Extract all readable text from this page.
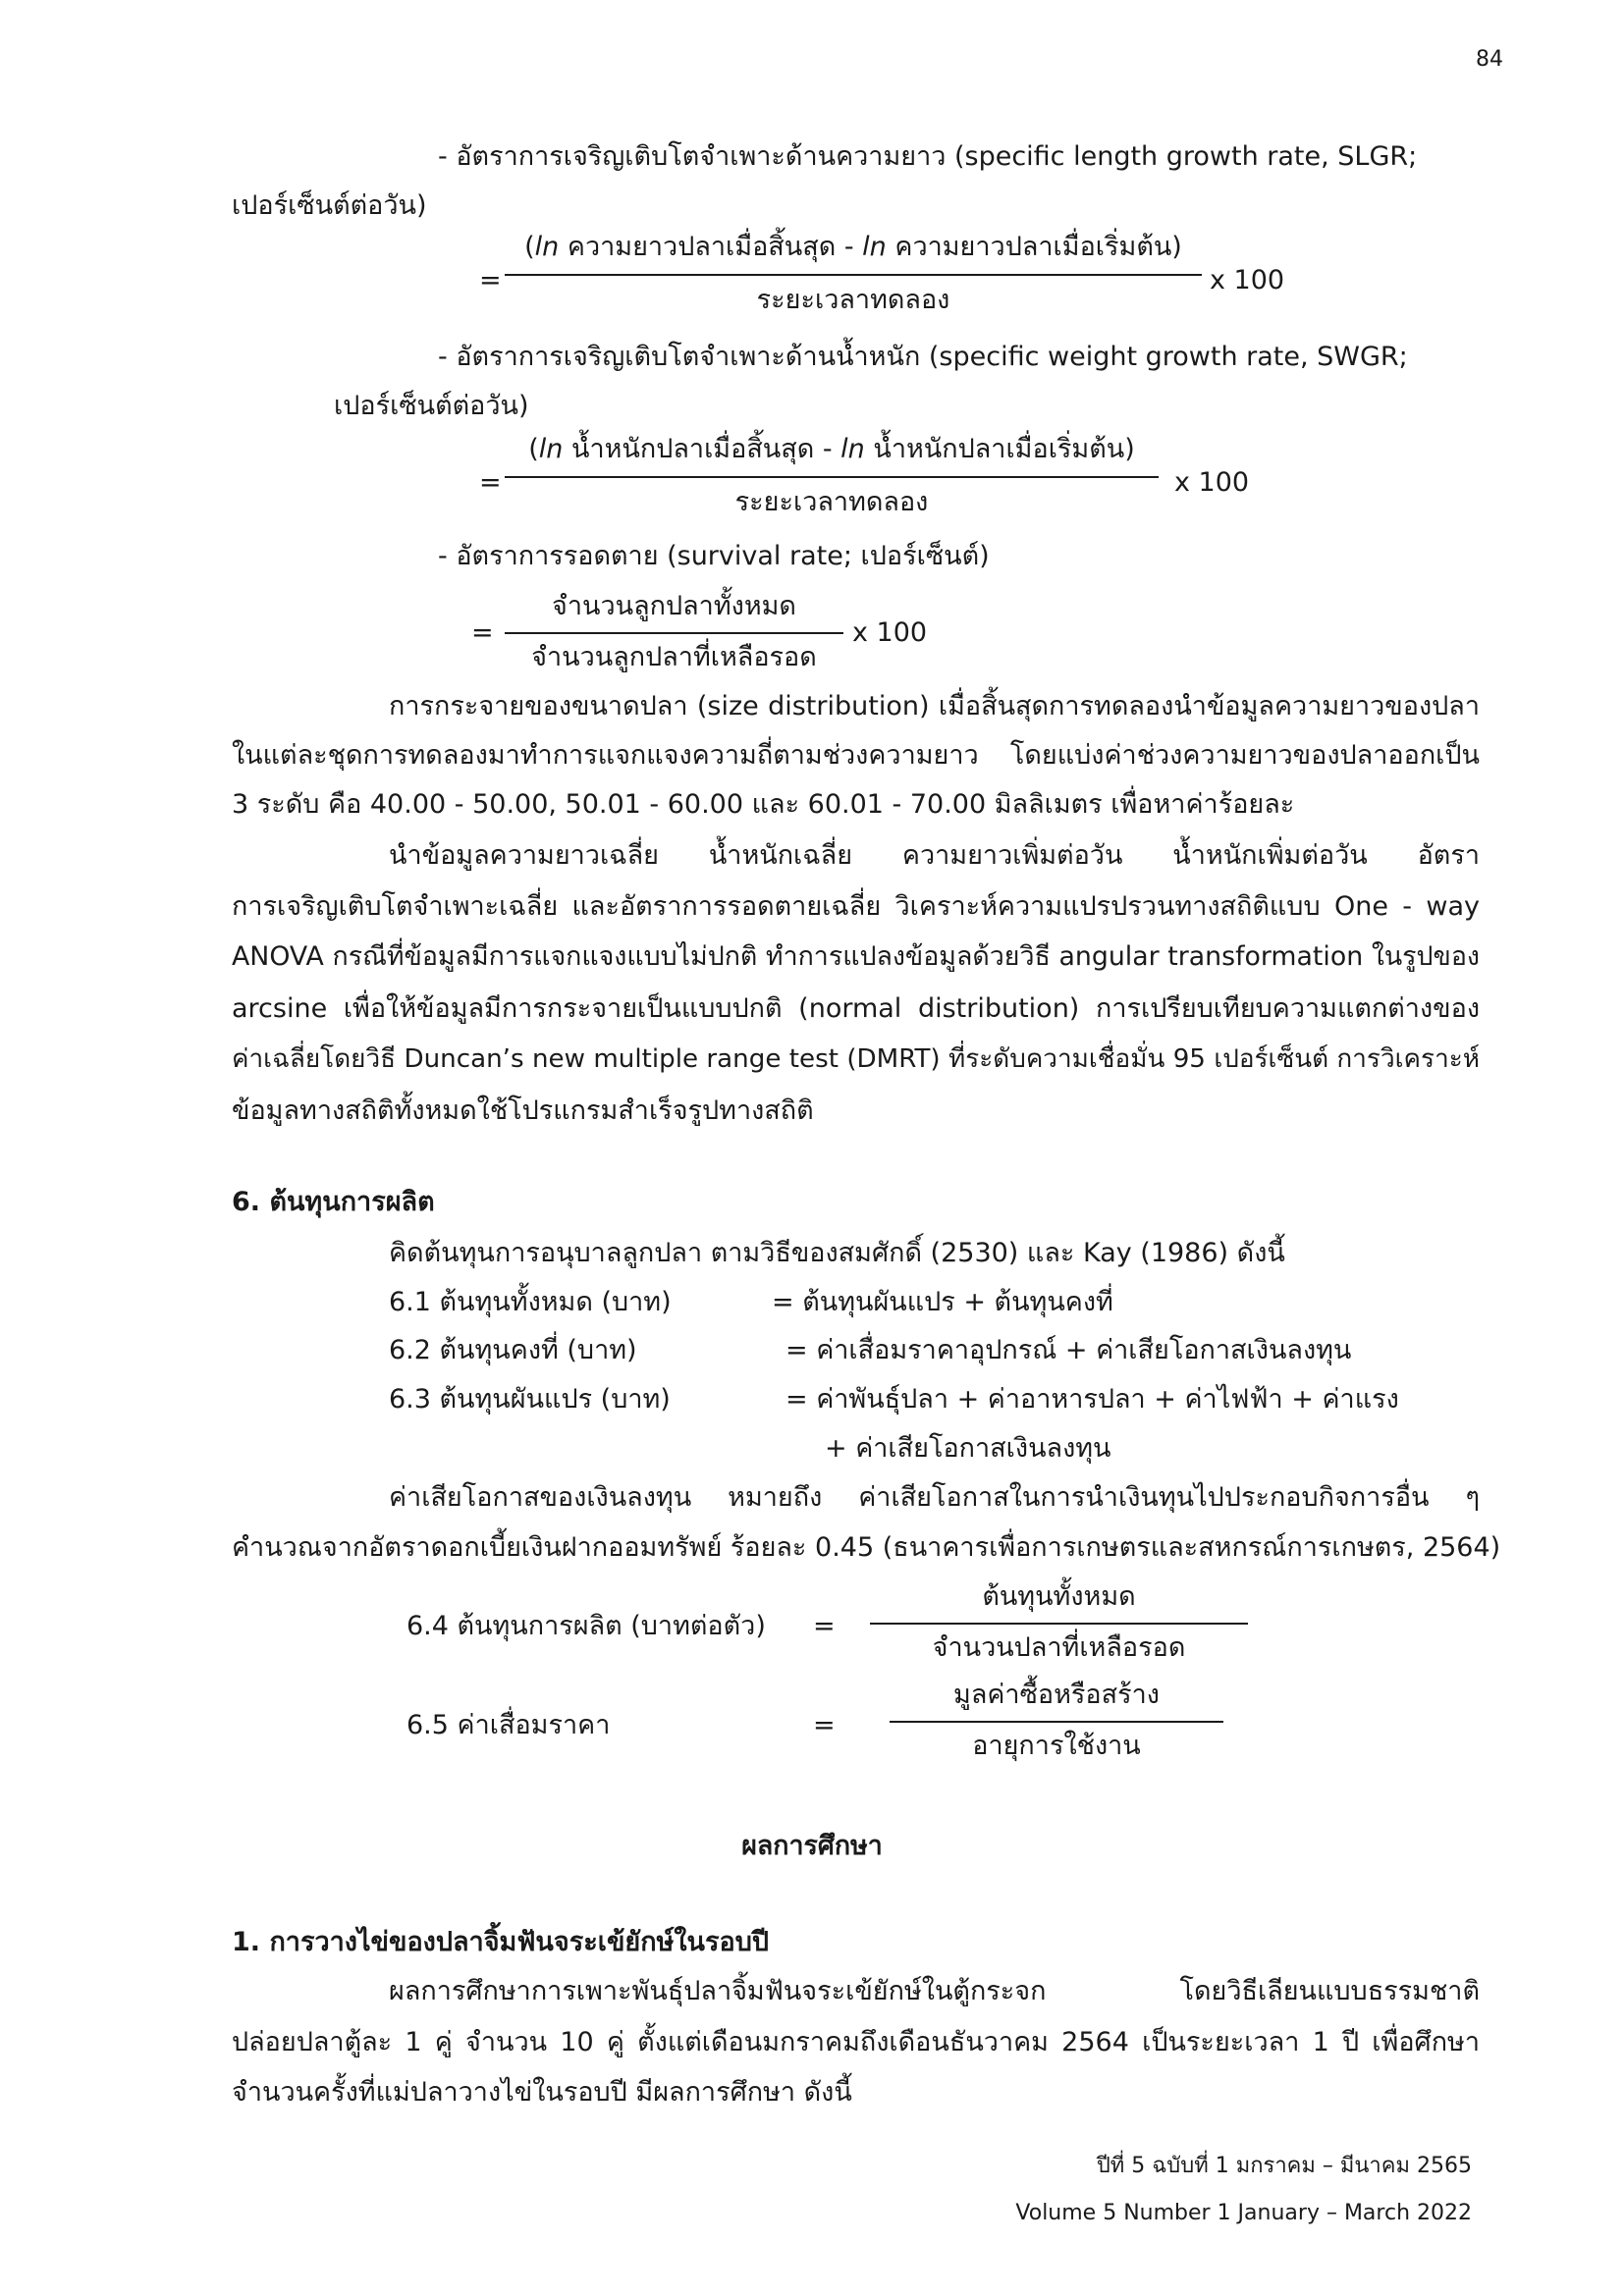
84
- อัตราการเจริญเติบโตจำเพาะด้านความยาว (specific length growth rate, SLGR;
เปอร์เซ็นต์ต่อวัน)
=
(ln ความยาวปลาเมื่อสิ้นสุด - ln ความยาวปลาเมื่อเริ่มต้น)
ระยะเวลาทดลอง
x 100
- อัตราการเจริญเติบโตจำเพาะด้านน้ำหนัก (specific weight growth rate, SWGR;
เปอร์เซ็นต์ต่อวัน)
=
(ln น้ำหนักปลาเมื่อสิ้นสุด - ln น้ำหนักปลาเมื่อเริ่มต้น)
ระยะเวลาทดลอง
x 100
- อัตราการรอดตาย (survival rate; เปอร์เซ็นต์)
=
จำนวนลูกปลาทั้งหมด
จำนวนลูกปลาที่เหลือรอด
x 100
การกระจายของขนาดปลา (size distribution) เมื่อสิ้นสุดการทดลองนำข้อมูลความยาวของปลา
ในแต่ละชุดการทดลองมาทำการแจกแจงความถี่ตามช่วงความยาว โดยแบ่งค่าช่วงความยาวของปลาออกเป็น
3 ระดับ คือ 40.00 - 50.00, 50.01 - 60.00 และ 60.01 - 70.00 มิลลิเมตร เพื่อหาค่าร้อยละ
นำข้อมูลความยาวเฉลี่ย น้ำหนักเฉลี่ย ความยาวเพิ่มต่อวัน น้ำหนักเพิ่มต่อวัน อัตรา
การเจริญเติบโตจำเพาะเฉลี่ย และอัตราการรอดตายเฉลี่ย วิเคราะห์ความแปรปรวนทางสถิติแบบ One - way
ANOVA กรณีที่ข้อมูลมีการแจกแจงแบบไม่ปกติ ทำการแปลงข้อมูลด้วยวิธี angular transformation ในรูปของ
arcsine เพื่อให้ข้อมูลมีการกระจายเป็นแบบปกติ (normal distribution) การเปรียบเทียบความแตกต่างของ
ค่าเฉลี่ยโดยวิธี Duncan’s new multiple range test (DMRT) ที่ระดับความเชื่อมั่น 95 เปอร์เซ็นต์ การวิเคราะห์
ข้อมูลทางสถิติทั้งหมดใช้โปรแกรมสำเร็จรูปทางสถิติ
6. ต้นทุนการผลิต
คิดต้นทุนการอนุบาลลูกปลา ตามวิธีของสมศักดิ์ (2530) และ Kay (1986) ดังนี้
6.1 ต้นทุนทั้งหมด (บาท)	= ต้นทุนผันแปร + ต้นทุนคงที่
6.2 ต้นทุนคงที่ (บาท)	= ค่าเสื่อมราคาอุปกรณ์ + ค่าเสียโอกาสเงินลงทุน
6.3 ต้นทุนผันแปร (บาท)	= ค่าพันธุ์ปลา + ค่าอาหารปลา + ค่าไฟฟ้า + ค่าแรง
+ ค่าเสียโอกาสเงินลงทุน
ค่าเสียโอกาสของเงินลงทุน หมายถึง ค่าเสียโอกาสในการนำเงินทุนไปประกอบกิจการอื่น ๆ
คำนวณจากอัตราดอกเบี้ยเงินฝากออมทรัพย์ ร้อยละ 0.45 (ธนาคารเพื่อการเกษตรและสหกรณ์การเกษตร, 2564)
6.4 ต้นทุนการผลิต (บาทต่อตัว) =
ต้นทุนทั้งหมด
จำนวนปลาที่เหลือรอด
6.5 ค่าเสื่อมราคา	=
มูลค่าซื้อหรือสร้าง
อายุการใช้งาน
ผลการศึกษา
1. การวางไข่ของปลาจิ้มฟันจระเข้ยักษ์ในรอบปี
ผลการศึกษาการเพาะพันธุ์ปลาจิ้มฟันจระเข้ยักษ์ในตู้กระจก โดยวิธีเลียนแบบธรรมชาติ
ปล่อยปลาตู้ละ 1 คู่ จำนวน 10 คู่ ตั้งแต่เดือนมกราคมถึงเดือนธันวาคม 2564 เป็นระยะเวลา 1 ปี เพื่อศึกษา
จำนวนครั้งที่แม่ปลาวางไข่ในรอบปี มีผลการศึกษา ดังนี้
ปีที่ 5 ฉบับที่ 1 มกราคม – มีนาคม 2565
Volume 5 Number 1 January – March 2022
